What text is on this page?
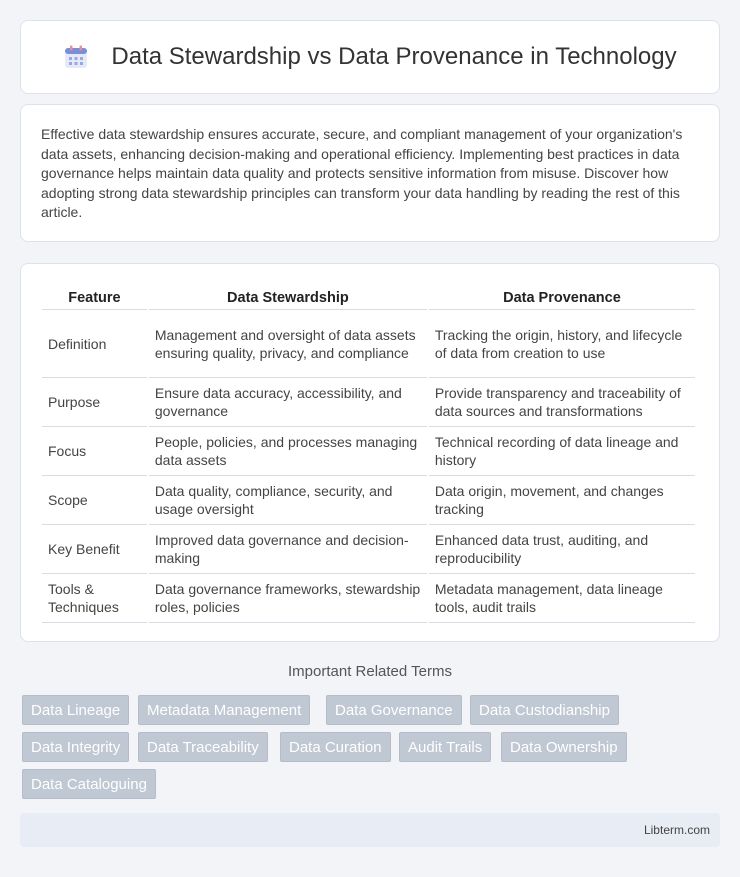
Data Stewardship vs Data Provenance in Technology

Effective data stewardship ensures accurate, secure, and compliant management of your organization's data assets, enhancing decision-making and operational efficiency. Implementing best practices in data governance helps maintain data quality and protects sensitive information from misuse. Discover how adopting strong data stewardship principles can transform your data handling by reading the rest of this article.

Feature	Data Stewardship	Data Provenance
Definition	Management and oversight of data assets ensuring quality, privacy, and compliance	Tracking the origin, history, and lifecycle of data from creation to use
Purpose	Ensure data accuracy, accessibility, and governance	Provide transparency and traceability of data sources and transformations
Focus	People, policies, and processes managing data assets	Technical recording of data lineage and history
Scope	Data quality, compliance, security, and usage oversight	Data origin, movement, and changes tracking
Key Benefit	Improved data governance and decision-making	Enhanced data trust, auditing, and reproducibility
Tools & Techniques	Data governance frameworks, stewardship roles, policies	Metadata management, data lineage tools, audit trails
Important Related Terms
Data Lineage	Metadata Management	Data Governance	Data Custodianship
Data Integrity	Data Traceability	Data Curation	Audit Trails	Data Ownership
Data Cataloguing
Libterm.com
